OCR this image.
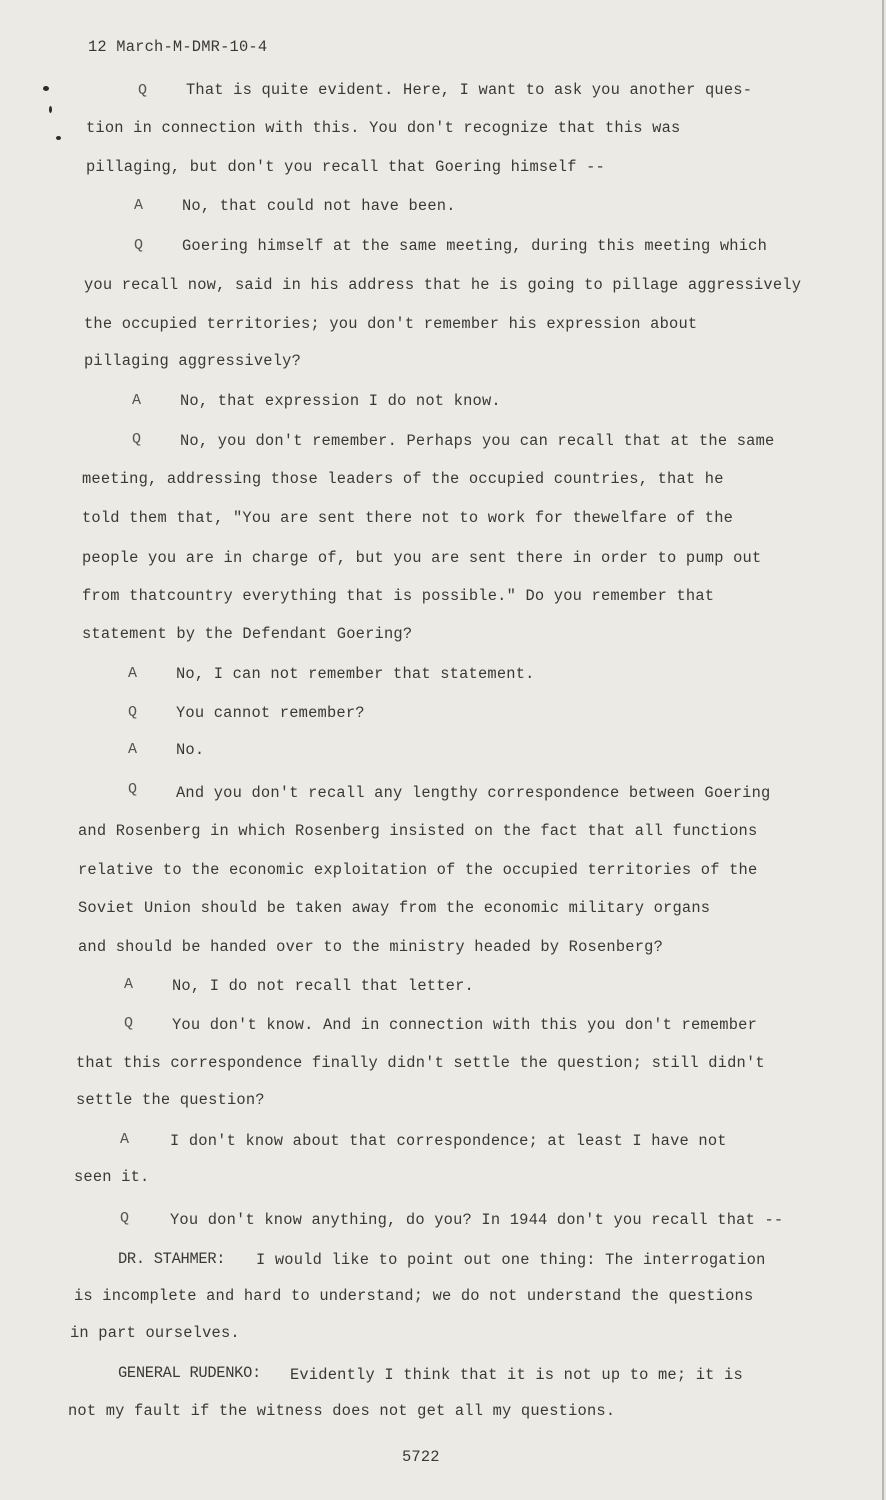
12 March-M-DMR-10-4
Q	That is quite evident. Here, I want to ask you another ques-
tion in connection with this. You don't recognize that this was
pillaging, but don't you recall that Goering himself --
A	No, that could not have been.
Q	Goering himself at the same meeting, during this meeting which
you recall now, said in his address that he is going to pillage aggressively
the occupied territories; you don't remember his expression about
pillaging aggressively?
A	No, that expression I do not know.
Q	No, you don't remember. Perhaps you can recall that at the same
meeting, addressing those leaders of the occupied countries, that he
told them that, "You are sent there not to work for thewelfare of the
people you are in charge of, but you are sent there in order to pump out
from thatcountry everything that is possible." Do you remember that
statement by the Defendant Goering?
A	No, I can not remember that statement.
Q	You cannot remember?
A	No.
Q	And you don't recall any lengthy correspondence between Goering
and Rosenberg in which Rosenberg insisted on the fact that all functions
relative to the economic exploitation of the occupied territories of the
Soviet Union should be taken away from the economic military organs
and should be handed over to the ministry headed by Rosenberg?
A	No, I do not recall that letter.
Q	You don't know. And in connection with this you don't remember
that this correspondence finally didn't settle the question; still didn't
settle the question?
A	I don't know about that correspondence; at least I have not
seen it.
Q	You don't know anything, do you? In 1944 don't you recall that --
DR. STAHMER: I would like to point out one thing: The interrogation
is incomplete and hard to understand; we do not understand the questions
in part ourselves.
GENERAL RUDENKO: Evidently I think that it is not up to me; it is
not my fault if the witness does not get all my questions.
5722
